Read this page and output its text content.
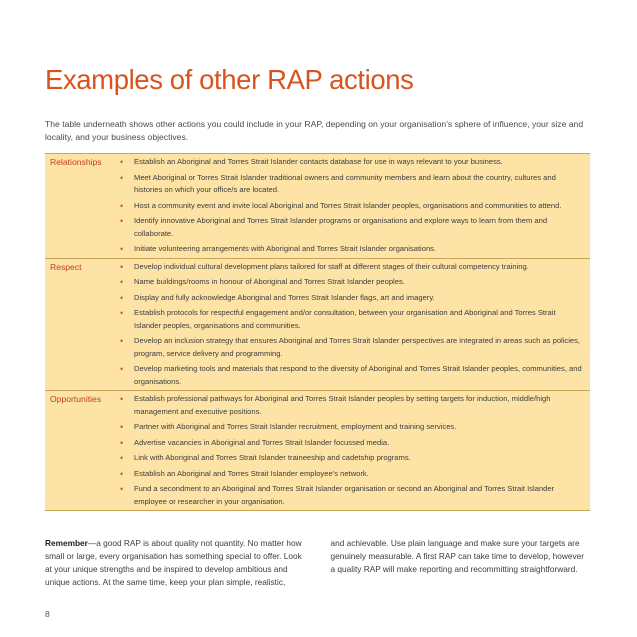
Examples of other RAP actions

The table underneath shows other actions you could include in your RAP, depending on your organisation’s sphere of influence, your size and locality, and your business objectives.

Relationships	• Establish an Aboriginal and Torres Strait Islander contacts database for use in ways relevant to your business.
• Meet Aboriginal or Torres Strait Islander traditional owners and community members and learn about the country, cultures and histories on which your office/s are located.
• Host a community event and invite local Aboriginal and Torres Strait Islander peoples, organisations and communities to attend.
• Identify innovative Aboriginal and Torres Strait Islander programs or organisations and explore ways to learn from them and collaborate.
• Initiate volunteering arrangements with Aboriginal and Torres Strait Islander organisations.
Respect	• Develop individual cultural development plans tailored for staff at different stages of their cultural competency training.
• Name buildings/rooms in honour of Aboriginal and Torres Strait Islander peoples.
• Display and fully acknowledge Aboriginal and Torres Strait Islander flags, art and imagery.
• Establish protocols for respectful engagement and/or consultation, between your organisation and Aboriginal and Torres Strait Islander peoples, organisations and communities.
• Develop an inclusion strategy that ensures Aboriginal and Torres Strait Islander perspectives are integrated in areas such as policies, program, service delivery and programming.
• Develop marketing tools and materials that respond to the diversity of Aboriginal and Torres Strait Islander peoples, communities, and organisations.
Opportunities	• Establish professional pathways for Aboriginal and Torres Strait Islander peoples by setting targets for induction, middle/high management and executive positions.
• Partner with Aboriginal and Torres Strait Islander recruitment, employment and training services.
• Advertise vacancies in Aboriginal and Torres Strait Islander focussed media.
• Link with Aboriginal and Torres Strait Islander traineeship and cadetship programs.
• Establish an Aboriginal and Torres Strait Islander employee’s network.
• Fund a secondment to an Aboriginal and Torres Strait Islander organisation or second an Aboriginal and Torres Strait Islander employee or researcher in your organisation.
Remember—a good RAP is about quality not quantity. No matter how small or large, every organisation has something special to offer. Look at your unique strengths and be inspired to develop ambitious and unique actions. At the same time, keep your plan simple, realistic,
and achievable. Use plain language and make sure your targets are genuinely measurable. A first RAP can take time to develop, however a quality RAP will make reporting and recommitting straightforward.
8
